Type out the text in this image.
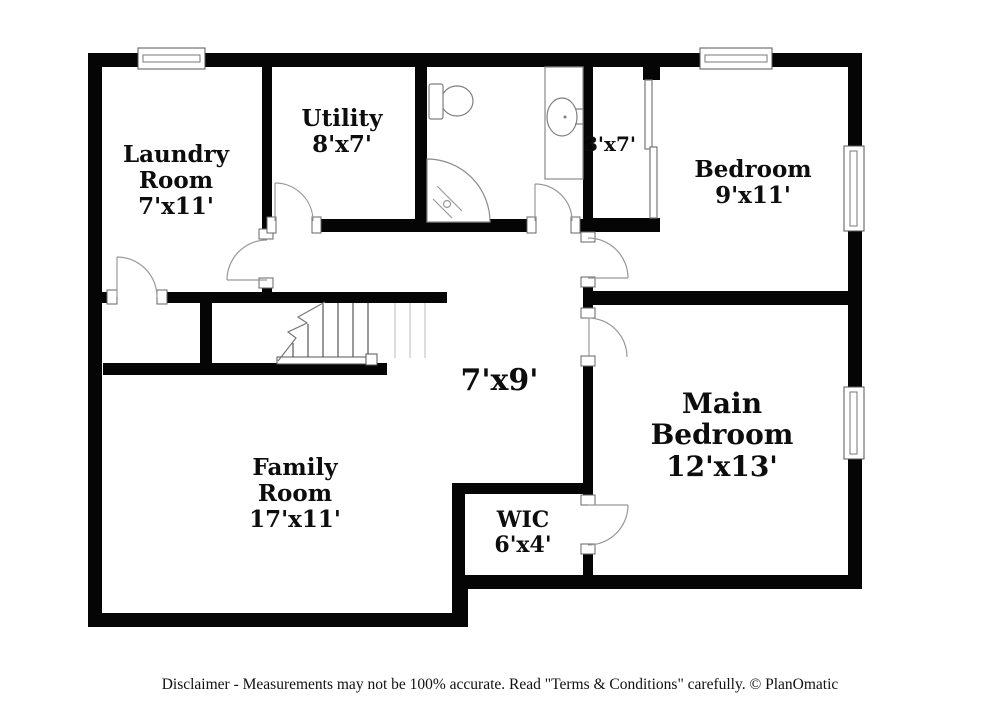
Laundry Room
7'x11'
Utility
8'x7'	3'x7'
Bedroom
9'x11'
Main Bedroom
12'x13'
7'x9'
Family Room
17'x11'	WIC
6'x4'
Disclaimer - Measurements may not be 100% accurate. Read "Terms & Conditions" carefully. © PlanOmatic
